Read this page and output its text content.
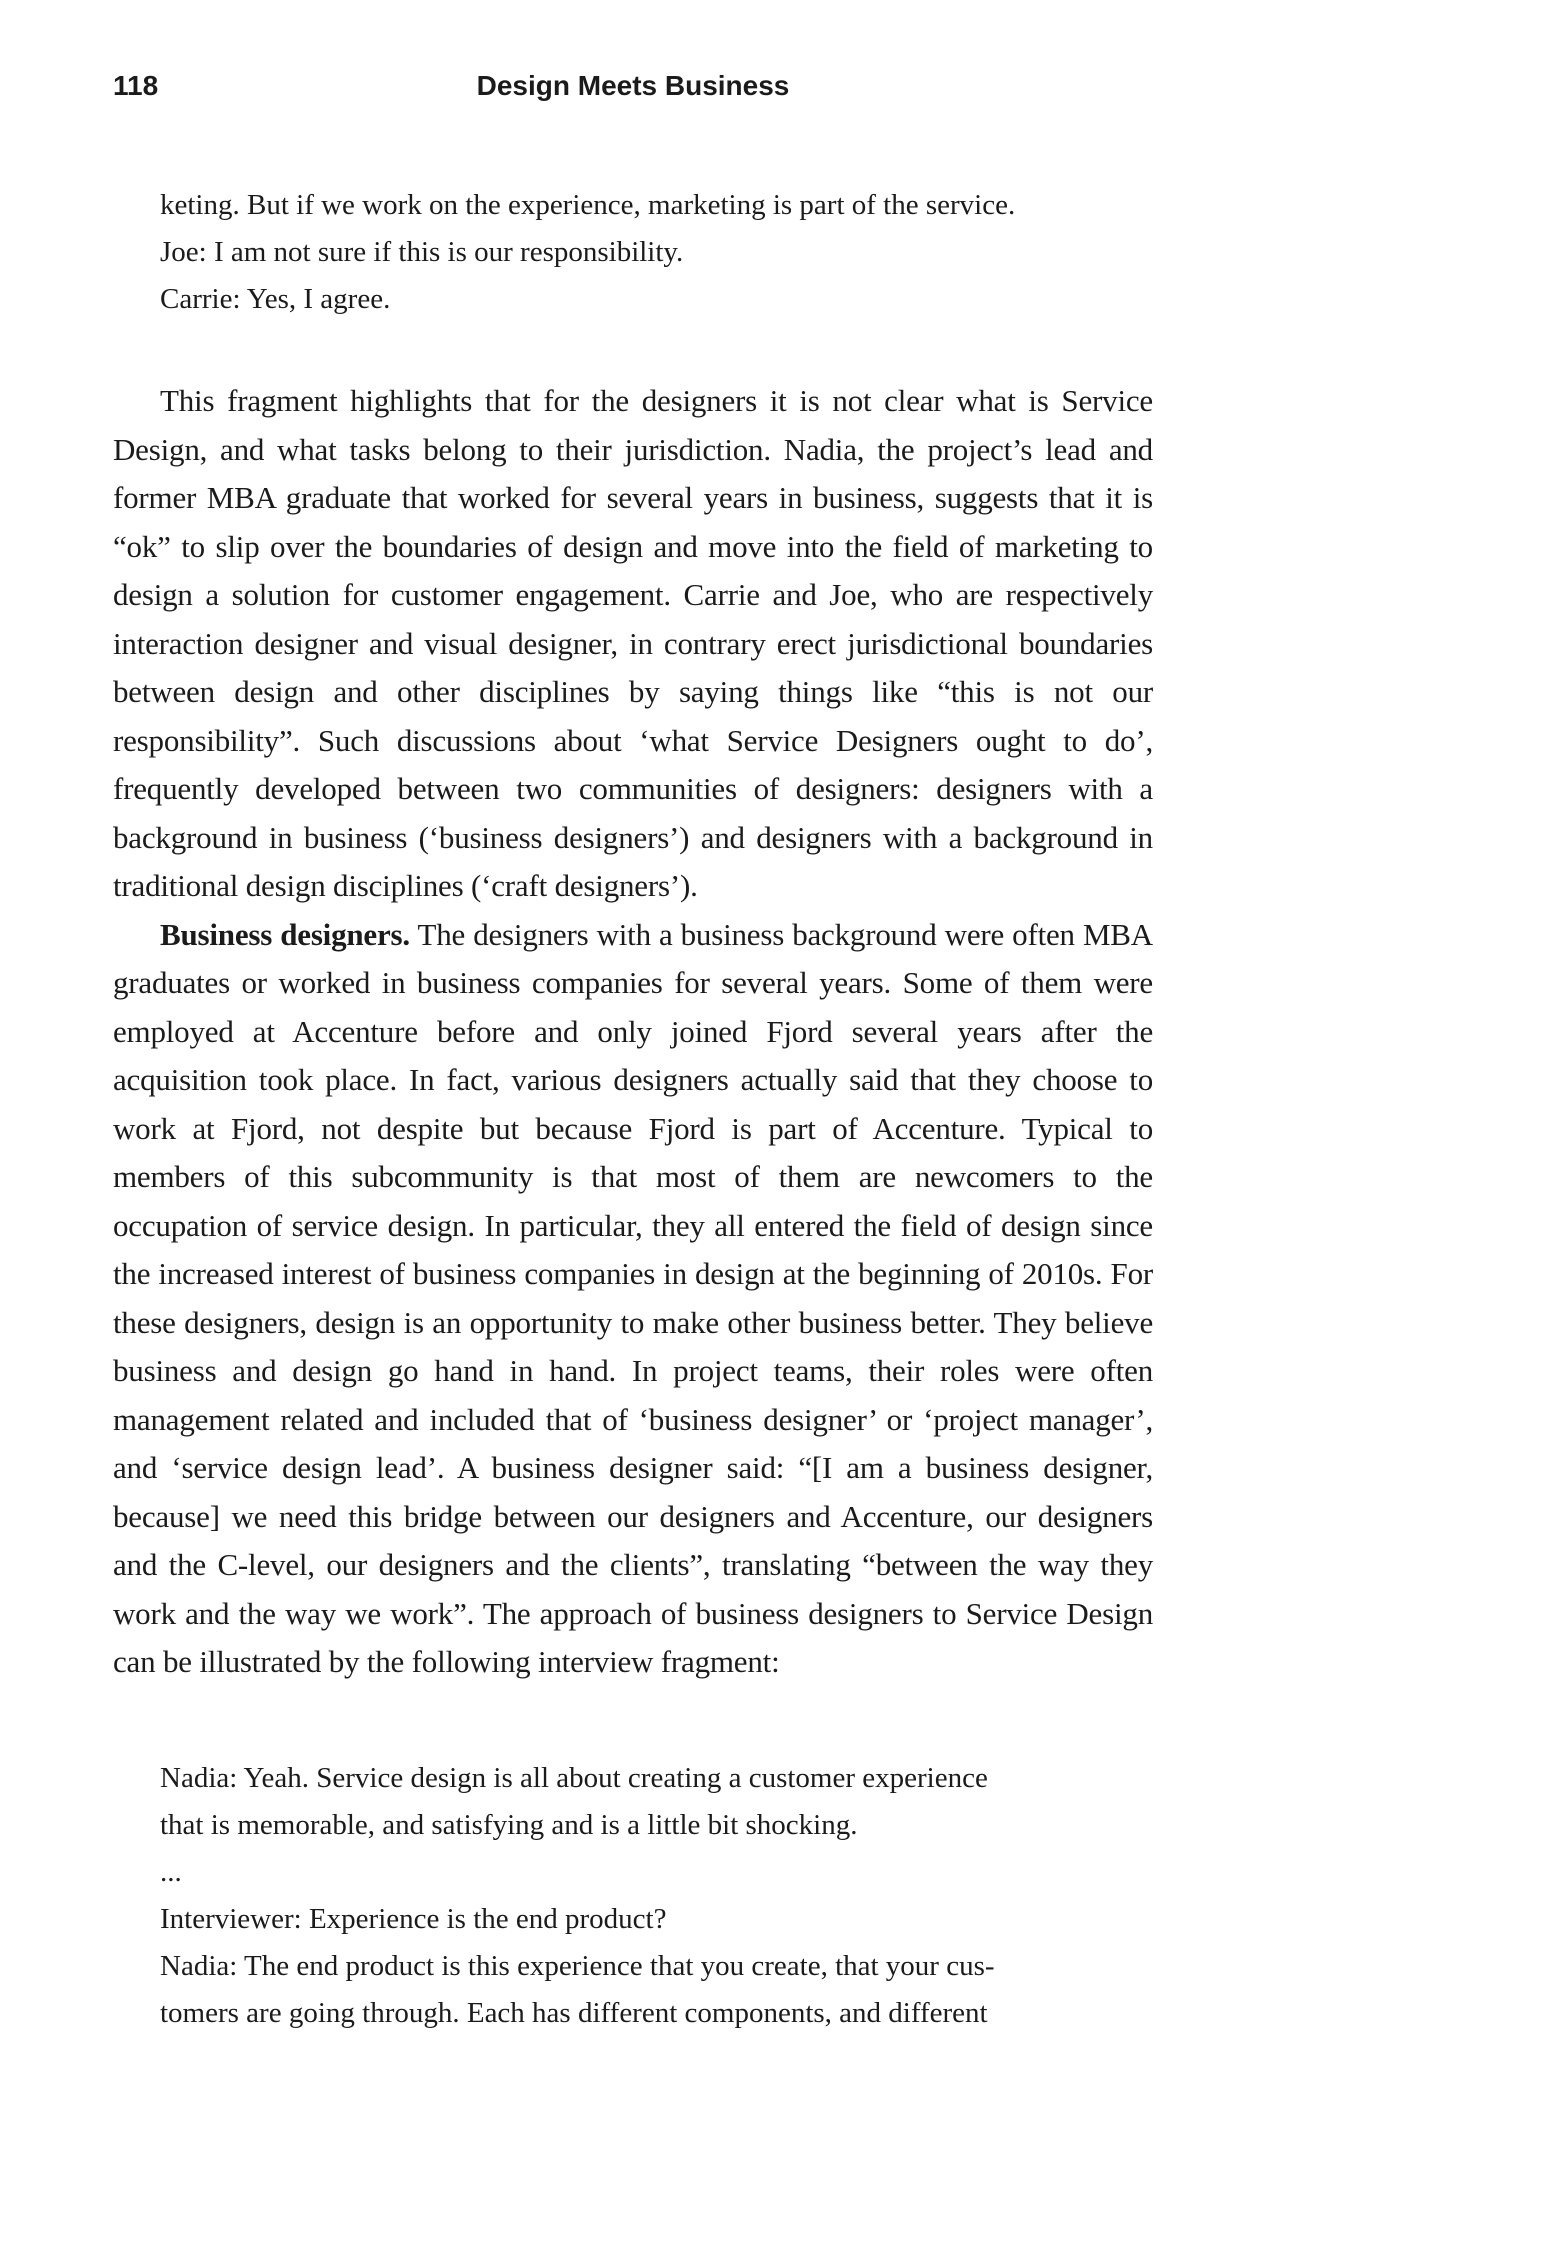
118	Design Meets Business
keting. But if we work on the experience, marketing is part of the service.
Joe: I am not sure if this is our responsibility.
Carrie: Yes, I agree.

This fragment highlights that for the designers it is not clear what is Service Design, and what tasks belong to their jurisdiction. Nadia, the project’s lead and former MBA graduate that worked for several years in business, suggests that it is “ok” to slip over the boundaries of design and move into the field of marketing to design a solution for customer engagement. Carrie and Joe, who are respectively interaction designer and visual designer, in contrary erect jurisdictional boundaries between design and other disciplines by saying things like “this is not our responsibility”. Such discussions about ‘what Service Designers ought to do’, frequently developed between two communities of designers: designers with a background in business (‘business designers’) and designers with a background in traditional design disciplines (‘craft designers’).

Business designers. The designers with a business background were often MBA graduates or worked in business companies for several years. Some of them were employed at Accenture before and only joined Fjord several years after the acquisition took place. In fact, various designers actually said that they choose to work at Fjord, not despite but because Fjord is part of Accenture. Typical to members of this subcommunity is that most of them are newcomers to the occupation of service design. In particular, they all entered the field of design since the increased interest of business companies in design at the beginning of 2010s. For these designers, design is an opportunity to make other business better. They believe business and design go hand in hand. In project teams, their roles were often management related and included that of ‘business designer’ or ‘project manager’, and ‘service design lead’. A business designer said: “[I am a business designer, because] we need this bridge between our designers and Accenture, our designers and the C-level, our designers and the clients”, translating “between the way they work and the way we work”. The approach of business designers to Service Design can be illustrated by the following interview fragment:

Nadia: Yeah. Service design is all about creating a customer experience
that is memorable, and satisfying and is a little bit shocking.
...
Interviewer: Experience is the end product?
Nadia: The end product is this experience that you create, that your cus-
tomers are going through. Each has different components, and different
